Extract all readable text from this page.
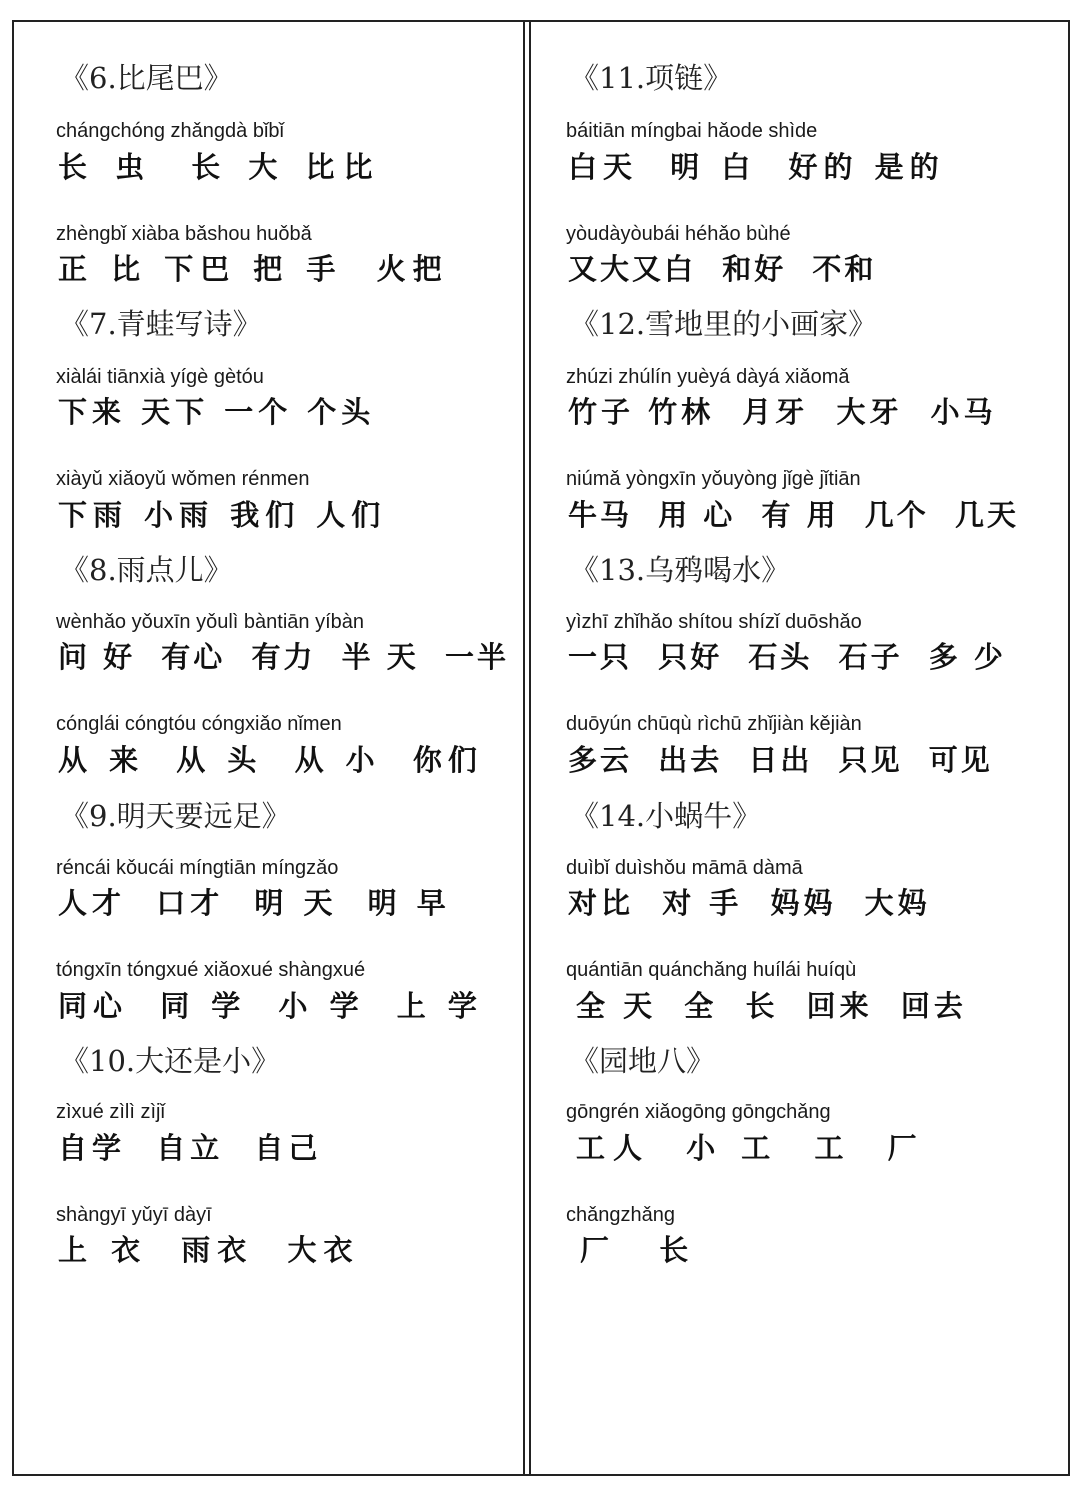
《6.比尾巴》
chángchóng zhǎngdà bǐbǐ
长 虫  长 大 比比
zhèngbǐ xiàba bǎshou huǒbǎ
正 比 下巴 把 手  火把
《7.青蛙写诗》
xiàlái tiānxià yígè gètóu
下来 天下 一个 个头
xiàyǔ xiǎoyǔ wǒmen rénmen
下雨 小雨 我们 人们
《8.雨点儿》
wènhǎo yǒuxīn yǒulì bàntiān yíbàn
问 好  有心  有力  半 天  一半
cónglái cóngtóu cóngxiǎo nǐmen
从 来  从 头  从 小  你们
《9.明天要远足》
réncái kǒucái míngtiān míngzǎo
人才  口才  明 天  明 早
tóngxīn tóngxué xiǎoxué shàngxué
同心  同 学  小 学  上 学
《10.大还是小》
zìxué zìlì zìjǐ
自学  自立  自己
shàngyī yǔyī dàyī
上 衣  雨衣  大衣
《11.项链》
báitiān míngbai hǎode shìde
白天  明 白  好的 是的
yòudàyòubái héhǎo bùhé
又大又白  和好  不和
《12.雪地里的小画家》
zhúzi zhúlín yuèyá dàyá xiǎomǎ
竹子 竹林  月牙  大牙  小马
niúmǎ yòngxīn yǒuyòng jǐgè jǐtiān
牛马  用 心  有 用  几个  几天
《13.乌鸦喝水》
yìzhī zhǐhǎo shítou shízǐ duōshǎo
一只  只好  石头  石子  多 少
duōyún chūqù rìchū zhǐjiàn kějiàn
多云  出去  日出  只见  可见
《14.小蜗牛》
duìbǐ duìshǒu māmā dàmā
对比  对 手  妈妈  大妈
quántiān quánchǎng huílái huíqù
全 天  全  长  回来  回去
《园地八》
gōngrén xiǎogōng gōngchǎng
工人  小 工  工  厂
chǎngzhǎng
厂  长
